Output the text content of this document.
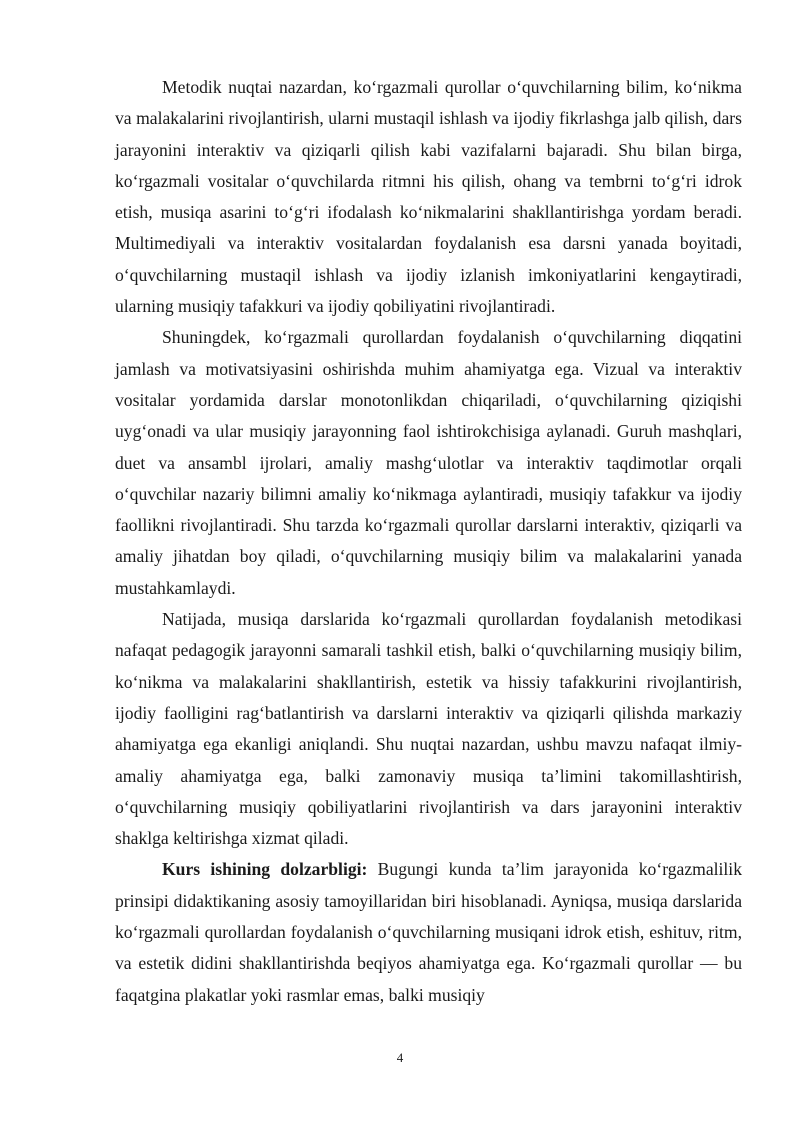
Metodik nuqtai nazardan, ko‘rgazmali qurollar o‘quvchilarning bilim, ko‘nikma va malakalarini rivojlantirish, ularni mustaqil ishlash va ijodiy fikrlashga jalb qilish, dars jarayonini interaktiv va qiziqarli qilish kabi vazifalarni bajaradi. Shu bilan birga, ko‘rgazmali vositalar o‘quvchilarda ritmni his qilish, ohang va tembrni to‘g‘ri idrok etish, musiqa asarini to‘g‘ri ifodalash ko‘nikmalarini shakllantirishga yordam beradi. Multimediyali va interaktiv vositalardan foydalanish esa darsni yanada boyitadi, o‘quvchilarning mustaqil ishlash va ijodiy izlanish imkoniyatlarini kengaytiradi, ularning musiqiy tafakkuri va ijodiy qobiliyatini rivojlantiradi.

Shuningdek, ko‘rgazmali qurollardan foydalanish o‘quvchilarning diqqatini jamlash va motivatsiyasini oshirishda muhim ahamiyatga ega. Vizual va interaktiv vositalar yordamida darslar monotonlikdan chiqariladi, o‘quvchilarning qiziqishi uyg‘onadi va ular musiqiy jarayonning faol ishtirokchisiga aylanadi. Guruh mashqlari, duet va ansambl ijrolari, amaliy mashg‘ulotlar va interaktiv taqdimotlar orqali o‘quvchilar nazariy bilimni amaliy ko‘nikmaga aylantiradi, musiqiy tafakkur va ijodiy faollikni rivojlantiradi. Shu tarzda ko‘rgazmali qurollar darslarni interaktiv, qiziqarli va amaliy jihatdan boy qiladi, o‘quvchilarning musiqiy bilim va malakalarini yanada mustahkamlaydi.

Natijada, musiqa darslarida ko‘rgazmali qurollardan foydalanish metodikasi nafaqat pedagogik jarayonni samarali tashkil etish, balki o‘quvchilarning musiqiy bilim, ko‘nikma va malakalarini shakllantirish, estetik va hissiy tafakkurini rivojlantirish, ijodiy faolligini rag‘batlantirish va darslarni interaktiv va qiziqarli qilishda markaziy ahamiyatga ega ekanligi aniqlandi. Shu nuqtai nazardan, ushbu mavzu nafaqat ilmiy-amaliy ahamiyatga ega, balki zamonaviy musiqa ta’limini takomillashtirish, o‘quvchilarning musiqiy qobiliyatlarini rivojlantirish va dars jarayonini interaktiv shaklga keltirishga xizmat qiladi.

Kurs ishining dolzarbligi: Bugungi kunda ta’lim jarayonida ko‘rgazmalilik prinsipi didaktikaning asosiy tamoyillaridan biri hisoblanadi. Ayniqsa, musiqa darslarida ko‘rgazmali qurollardan foydalanish o‘quvchilarning musiqani idrok etish, eshituv, ritm, va estetik didini shakllantirishda beqiyos ahamiyatga ega. Ko‘rgazmali qurollar — bu faqatgina plakatlar yoki rasmlar emas, balki musiqiy

4
